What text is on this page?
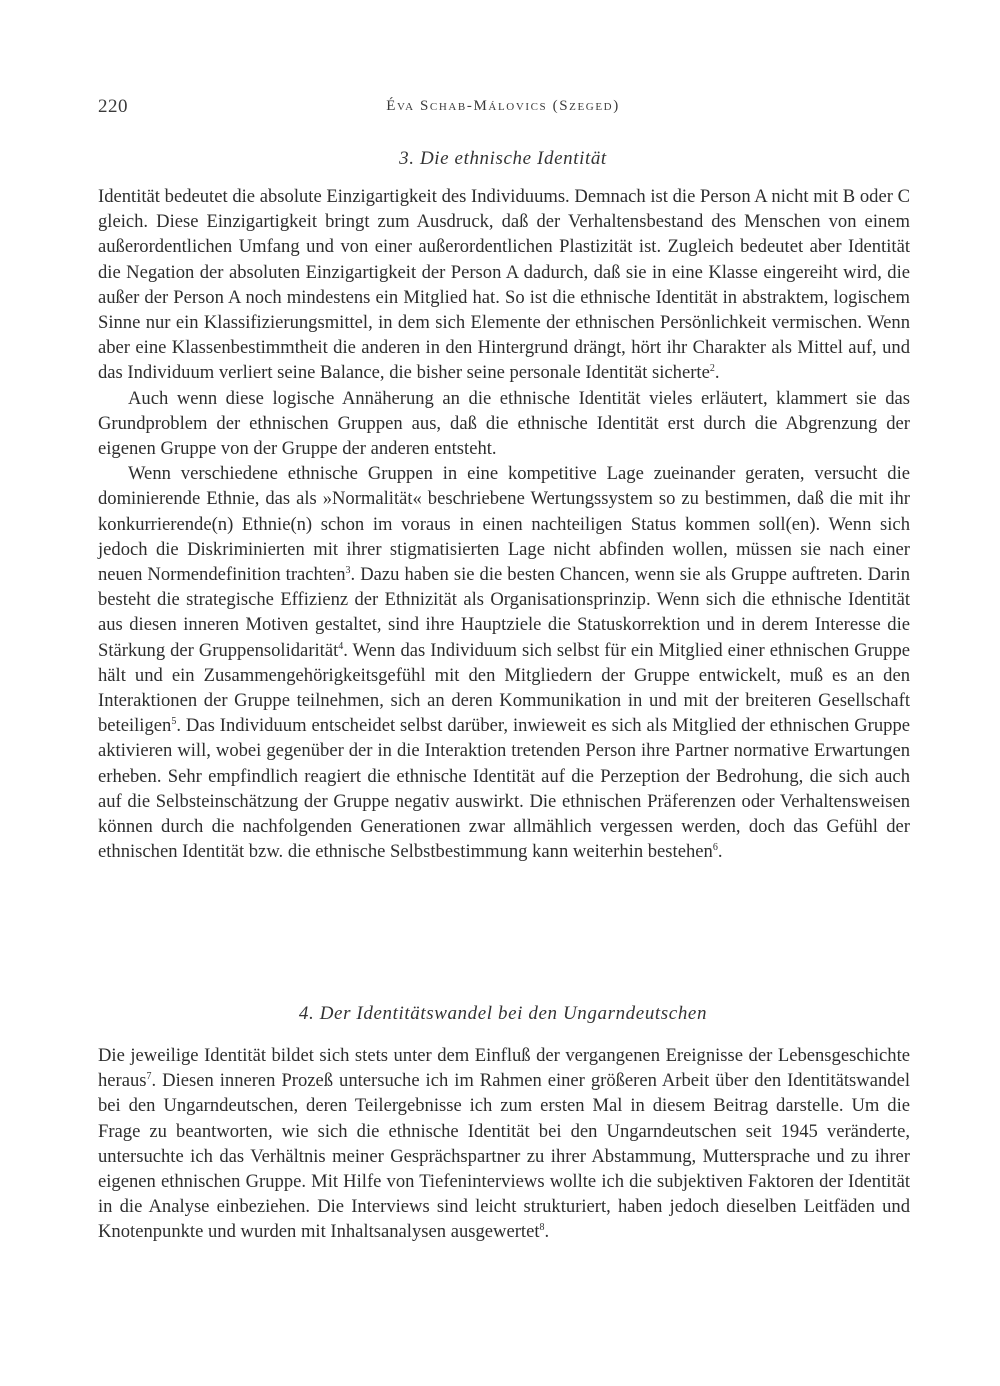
220	Éva Schab-Málovics (Szeged)
3. Die ethnische Identität

Identität bedeutet die absolute Einzigartigkeit des Individuums. Demnach ist die Person A nicht mit B oder C gleich. Diese Einzigartigkeit bringt zum Ausdruck, daß der Verhaltensbestand des Menschen von einem außerordentlichen Umfang und von einer außerordentlichen Plastizität ist. Zugleich bedeutet aber Identität die Negation der absoluten Einzigartigkeit der Person A dadurch, daß sie in eine Klasse eingereiht wird, die außer der Person A noch mindestens ein Mitglied hat. So ist die ethnische Identität in abstraktem, logischem Sinne nur ein Klassifizierungsmittel, in dem sich Elemente der ethnischen Persönlichkeit vermischen. Wenn aber eine Klassenbestimmtheit die anderen in den Hintergrund drängt, hört ihr Charakter als Mittel auf, und das Individuum verliert seine Balance, die bisher seine personale Identität sicherte$^2$.

Auch wenn diese logische Annäherung an die ethnische Identität vieles erläutert, klammert sie das Grundproblem der ethnischen Gruppen aus, daß die ethnische Identität erst durch die Abgrenzung der eigenen Gruppe von der Gruppe der anderen entsteht.

Wenn verschiedene ethnische Gruppen in eine kompetitive Lage zueinander geraten, versucht die dominierende Ethnie, das als »Normalität« beschriebene Wertungssystem so zu bestimmen, daß die mit ihr konkurrierende(n) Ethnie(n) schon im voraus in einen nachteiligen Status kommen soll(en). Wenn sich jedoch die Diskriminierten mit ihrer stigmatisierten Lage nicht abfinden wollen, müssen sie nach einer neuen Normendefinition trachten$^3$. Dazu haben sie die besten Chancen, wenn sie als Gruppe auftreten. Darin besteht die strategische Effizienz der Ethnizität als Organisationsprinzip. Wenn sich die ethnische Identität aus diesen inneren Motiven gestaltet, sind ihre Hauptziele die Statuskorrektion und in derem Interesse die Stärkung der Gruppensolidarität$^4$. Wenn das Individuum sich selbst für ein Mitglied einer ethnischen Gruppe hält und ein Zusammengehörigkeitsgefühl mit den Mitgliedern der Gruppe entwickelt, muß es an den Interaktionen der Gruppe teilnehmen, sich an deren Kommunikation in und mit der breiteren Gesellschaft beteiligen$^5$. Das Individuum entscheidet selbst darüber, inwieweit es sich als Mitglied der ethnischen Gruppe aktivieren will, wobei gegenüber der in die Interaktion tretenden Person ihre Partner normative Erwartungen erheben. Sehr empfindlich reagiert die ethnische Identität auf die Perzeption der Bedrohung, die sich auch auf die Selbsteinschätzung der Gruppe negativ auswirkt. Die ethnischen Präferenzen oder Verhaltensweisen können durch die nachfolgenden Generationen zwar allmählich vergessen werden, doch das Gefühl der ethnischen Identität bzw. die ethnische Selbstbestimmung kann weiterhin bestehen$^6$.

4. Der Identitätswandel bei den Ungarndeutschen

Die jeweilige Identität bildet sich stets unter dem Einfluß der vergangenen Ereignisse der Lebensgeschichte heraus$^7$. Diesen inneren Prozeß untersuche ich im Rahmen einer größeren Arbeit über den Identitätswandel bei den Ungarndeutschen, deren Teilergebnisse ich zum ersten Mal in diesem Beitrag darstelle. Um die Frage zu beantworten, wie sich die ethnische Identität bei den Ungarndeutschen seit 1945 veränderte, untersuchte ich das Verhältnis meiner Gesprächspartner zu ihrer Abstammung, Muttersprache und zu ihrer eigenen ethnischen Gruppe. Mit Hilfe von Tiefeninterviews wollte ich die subjektiven Faktoren der Identität in die Analyse einbeziehen. Die Interviews sind leicht strukturiert, haben jedoch dieselben Leitfäden und Knotenpunkte und wurden mit Inhaltsanalysen ausgewertet$^8$.
